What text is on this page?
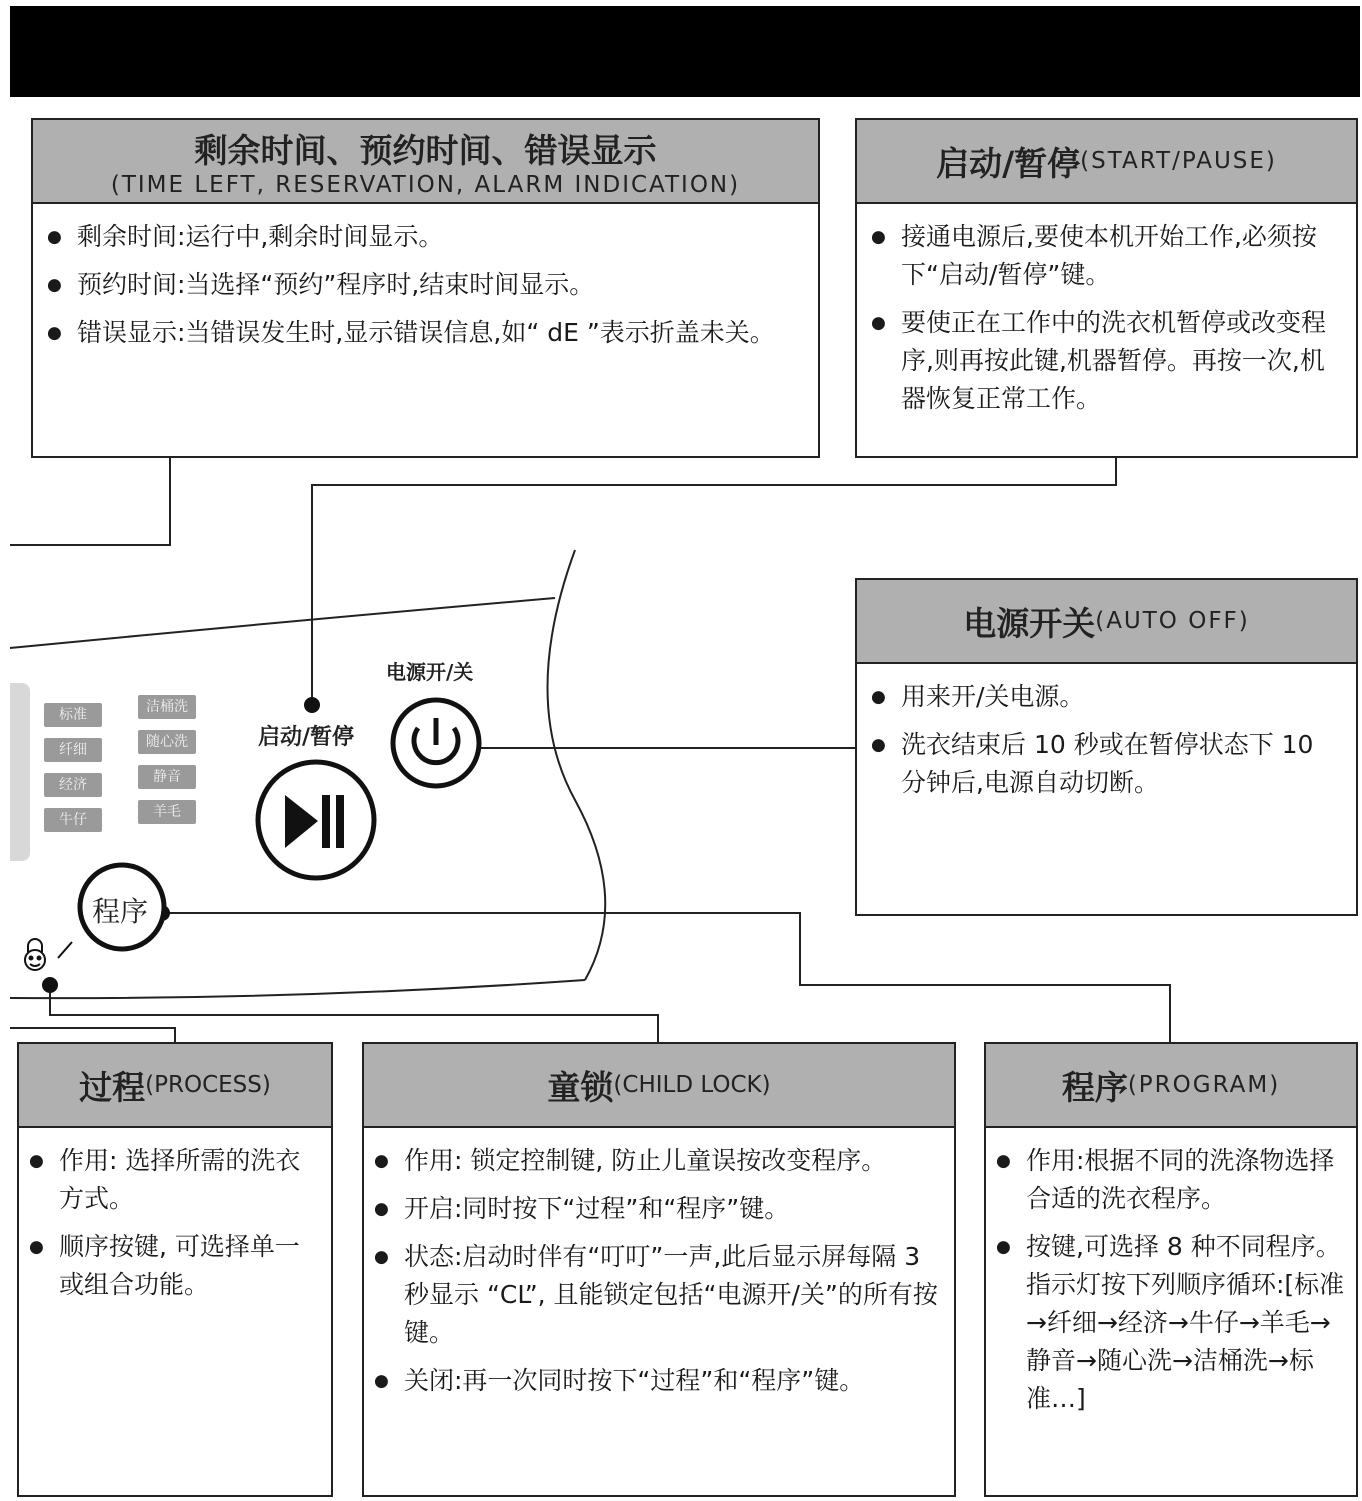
标准
纤细
经济
牛仔
洁桶洗
随心洗
静音
羊毛
电源开/关
启动/暂停
程序
剩余时间、预约时间、错误显示
(TIME LEFT, RESERVATION, ALARM INDICATION)
● 剩余时间:运行中,剩余时间显示。
● 预约时间:当选择“预约”程序时,结束时间显示。
● 错误显示:当错误发生时,显示错误信息,如“ dE ”表示折盖未关。
启动/暂停 (START/PAUSE)
● 接通电源后,要使本机开始工作,必须按下“启动/暂停”键。
● 要使正在工作中的洗衣机暂停或改变程序,则再按此键,机器暂停。再按一次,机器恢复正常工作。
电源开关 (AUTO OFF)
● 用来开/关电源。
● 洗衣结束后 10 秒或在暂停状态下 10 分钟后,电源自动切断。
过程 (PROCESS)
● 作用: 选择所需的洗衣方式。
● 顺序按键, 可选择单一或组合功能。
童锁 (CHILD LOCK)
● 作用: 锁定控制键, 防止儿童误按改变程序。
● 开启:同时按下“过程”和“程序”键。
● 状态:启动时伴有“叮叮”一声,此后显示屏每隔 3 秒显示 “CL”, 且能锁定包括“电源开/关”的所有按键。
● 关闭:再一次同时按下“过程”和“程序”键。
程序 (PROGRAM)
● 作用:根据不同的洗涤物选择合适的洗衣程序。
● 按键,可选择 8 种不同程序。指示灯按下列顺序循环:[标准→纤细→经济→牛仔→羊毛→静音→随心洗→洁桶洗→标准…]
